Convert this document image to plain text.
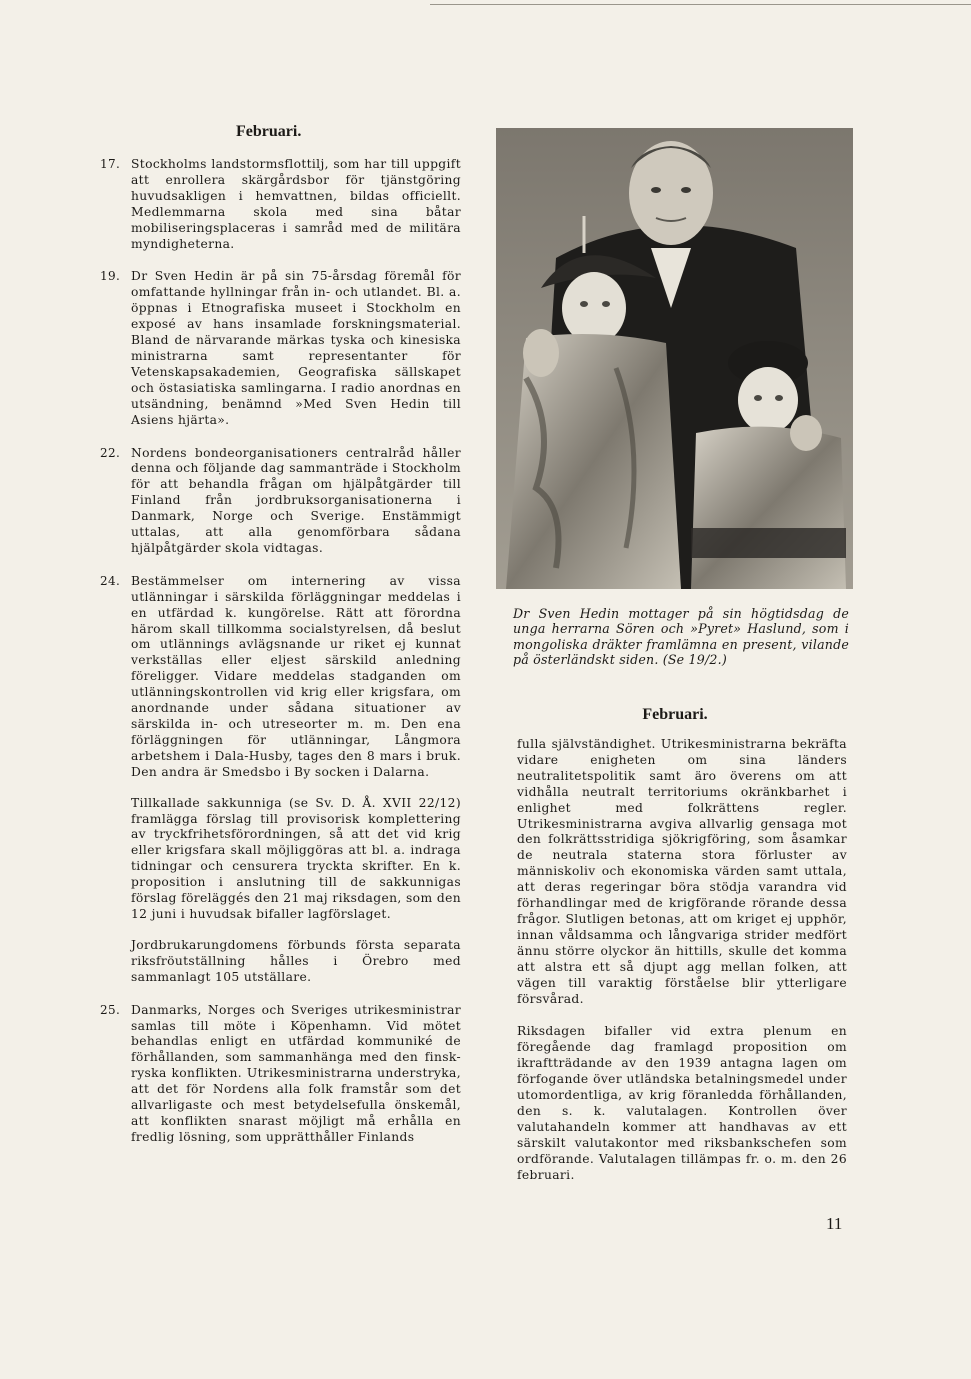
Februari.
17. Stockholms landstormsflottilj, som har till uppgift att enrollera skärgårdsbor för tjänstgöring huvudsakligen i hemvattnen, bildas officiellt. Medlemmarna skola med sina båtar mobiliseringsplaceras i samråd med de militära myndigheterna.

19. Dr Sven Hedin är på sin 75-årsdag föremål för omfattande hyllningar från in- och utlandet. Bl. a. öppnas i Etnografiska museet i Stockholm en exposé av hans insamlade forskningsmaterial. Bland de närvarande märkas tyska och kinesiska ministrarna samt representanter för Vetenskapsakademien, Geografiska sällskapet och östasiatiska samlingarna. I radio anordnas en utsändning, benämnd »Med Sven Hedin till Asiens hjärta».

22. Nordens bondeorganisationers centralråd håller denna och följande dag sammanträde i Stockholm för att behandla frågan om hjälpåtgärder till Finland från jordbruksorganisationerna i Danmark, Norge och Sverige. Enstämmigt uttalas, att alla genomförbara sådana hjälpåtgärder skola vidtagas.

24. Bestämmelser om internering av vissa utlänningar i särskilda förläggningar meddelas i en utfärdad k. kungörelse. Rätt att förordna härom skall tillkomma socialstyrelsen, då beslut om utlännings avlägsnande ur riket ej kunnat verkställas eller eljest särskild anledning föreligger. Vidare meddelas stadganden om utlänningskontrollen vid krig eller krigsfara, om anordnande under sådana situationer av särskilda in- och utreseorter m. m. Den ena förläggningen för utlänningar, Långmora arbetshem i Dala-Husby, tages den 8 mars i bruk. Den andra är Smedsbo i By socken i Dalarna.

Tillkallade sakkunniga (se Sv. D. Å. XVII 22/12) framlägga förslag till provisorisk komplettering av tryckfrihetsförordningen, så att det vid krig eller krigsfara skall möjliggöras att bl. a. indraga tidningar och censurera tryckta skrifter. En k. proposition i anslutning till de sakkunnigas förslag föreläggés den 21 maj riksdagen, som den 12 juni i huvudsak bifaller lagförslaget.

Jordbrukarungdomens förbunds första separata riksfröutställning hålles i Örebro med sammanlagt 105 utställare.

25. Danmarks, Norges och Sveriges utrikesministrar samlas till möte i Köpenhamn. Vid mötet behandlas enligt en utfärdad kommuniké de förhållanden, som sammanhänga med den finsk-ryska konflikten. Utrikesministrarna understryka, att det för Nordens alla folk framstår som det allvarligaste och mest betydelsefulla önskemål, att konflikten snarast möjligt må erhålla en fredlig lösning, som upprätthåller Finlands

Dr Sven Hedin mottager på sin högtidsdag de unga herrarna Sören och »Pyret» Haslund, som i mongoliska dräkter framlämna en present, vilande på österländskt siden. (Se 19/2.)
Februari.

fulla självständighet. Utrikesministrarna bekräfta vidare enigheten om sina länders neutralitetspolitik samt äro överens om att vidhålla neutralt territoriums okränkbarhet i enlighet med folkrättens regler. Utrikesministrarna avgiva allvarlig gensaga mot den folkrättsstridiga sjökrigföring, som åsamkar de neutrala staterna stora förluster av människoliv och ekonomiska värden samt uttala, att deras regeringar böra stödja varandra vid förhandlingar med de krigförande rörande dessa frågor. Slutligen betonas, att om kriget ej upphör, innan våldsamma och långvariga strider medfört ännu större olyckor än hittills, skulle det komma att alstra ett så djupt agg mellan folken, att vägen till varaktig förståelse blir ytterligare försvårad.

Riksdagen bifaller vid extra plenum en föregående dag framlagd proposition om ikraftträdande av den 1939 antagna lagen om förfogande över utländska betalningsmedel under utomordentliga, av krig föranledda förhållanden, den s. k. valutalagen. Kontrollen över valutahandeln kommer att handhavas av ett särskilt valutakontor med riksbankschefen som ordförande. Valutalagen tillämpas fr. o. m. den 26 februari.

11
